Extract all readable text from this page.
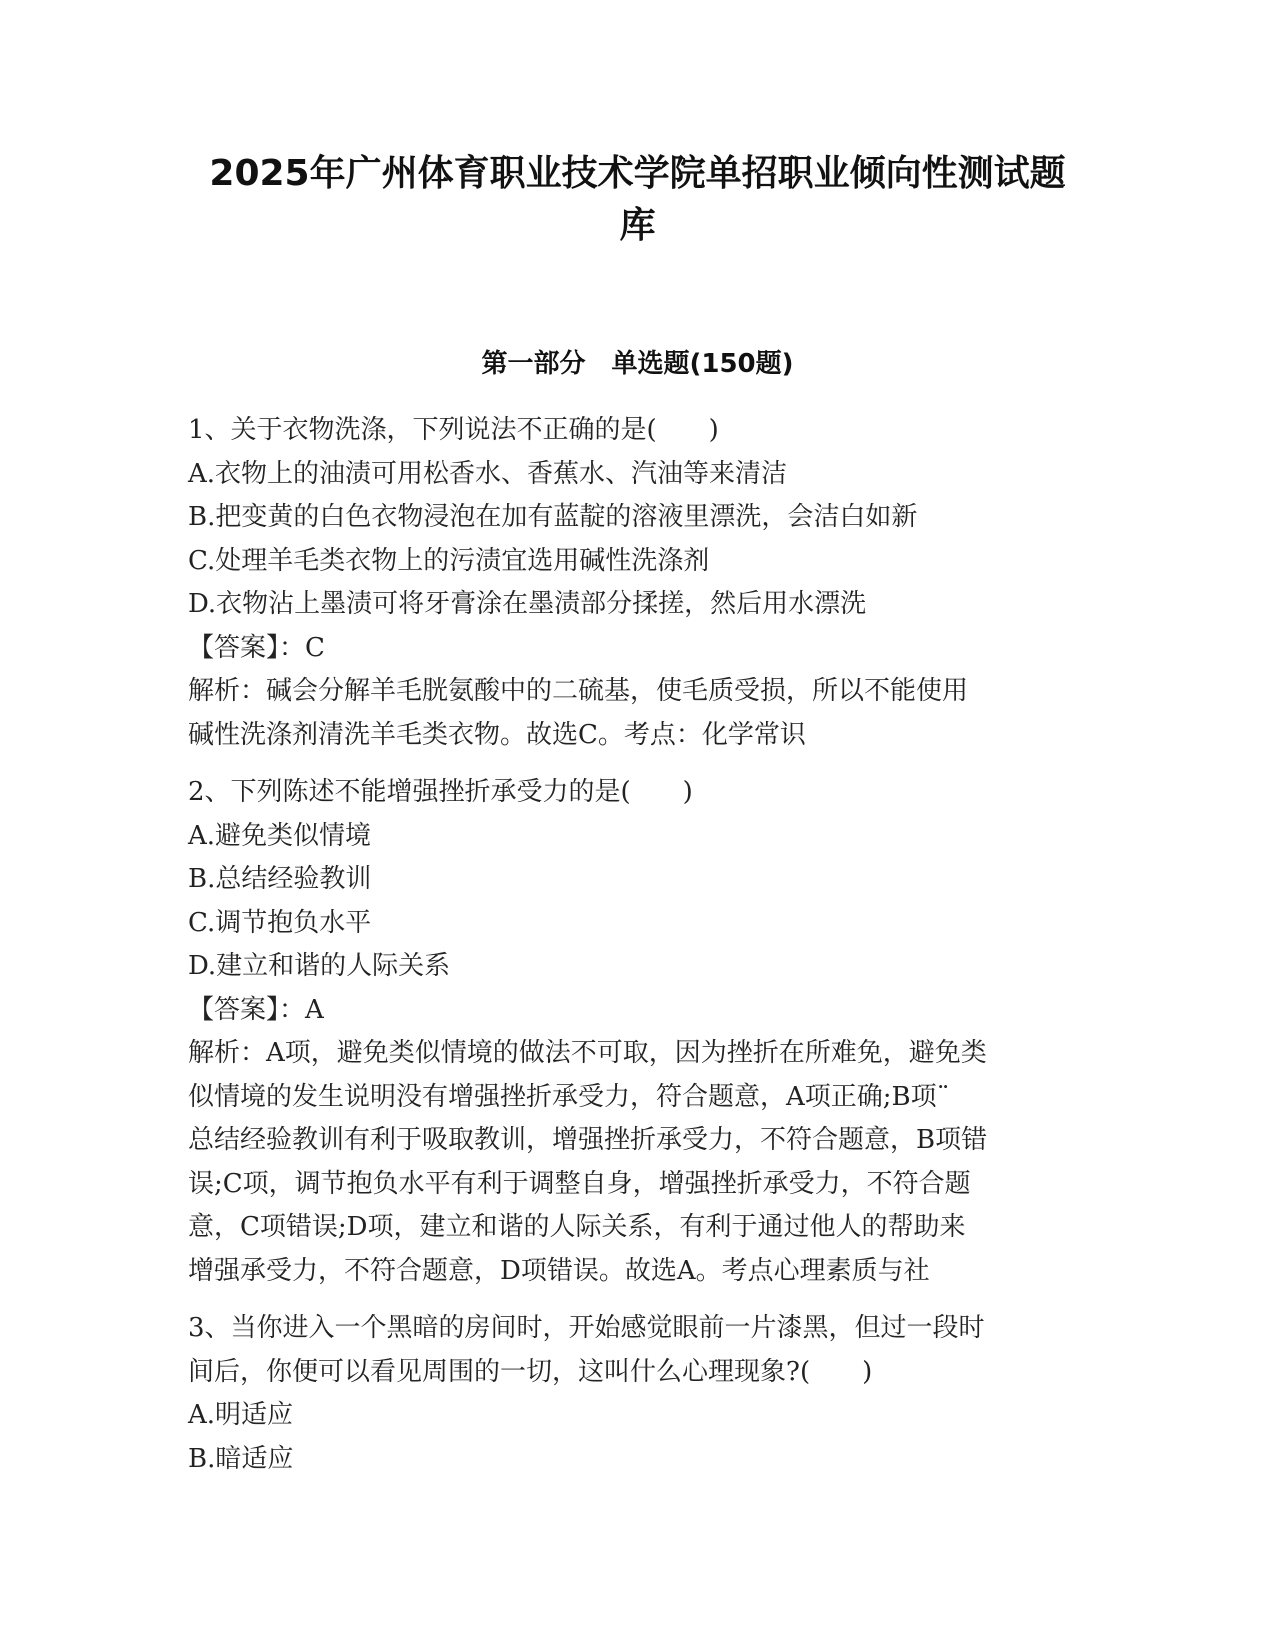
2025年广州体育职业技术学院单招职业倾向性测试题
库
第一部分　单选题(150题)
1、关于衣物洗涤，下列说法不正确的是(　　)
A.衣物上的油渍可用松香水、香蕉水、汽油等来清洁
B.把变黄的白色衣物浸泡在加有蓝靛的溶液里漂洗，会洁白如新
C.处理羊毛类衣物上的污渍宜选用碱性洗涤剂
D.衣物沾上墨渍可将牙膏涂在墨渍部分揉搓，然后用水漂洗
【答案】：C
解析：碱会分解羊毛胱氨酸中的二硫基，使毛质受损，所以不能使用
碱性洗涤剂清洗羊毛类衣物。故选C。考点：化学常识
2、下列陈述不能增强挫折承受力的是(　　)
A.避免类似情境
B.总结经验教训
C.调节抱负水平
D.建立和谐的人际关系
【答案】：A
解析：A项，避免类似情境的做法不可取，因为挫折在所难免，避免类
似情境的发生说明没有增强挫折承受力，符合题意，A项正确;B项¨
总结经验教训有利于吸取教训，增强挫折承受力，不符合题意，B项错
误;C项，调节抱负水平有利于调整自身，增强挫折承受力，不符合题
意，C项错误;D项，建立和谐的人际关系，有利于通过他人的帮助来
增强承受力，不符合题意，D项错误。故选A。考点心理素质与社
3、当你进入一个黑暗的房间时，开始感觉眼前一片漆黑，但过一段时
间后，你便可以看见周围的一切，这叫什么心理现象?(　　)
A.明适应
B.暗适应
